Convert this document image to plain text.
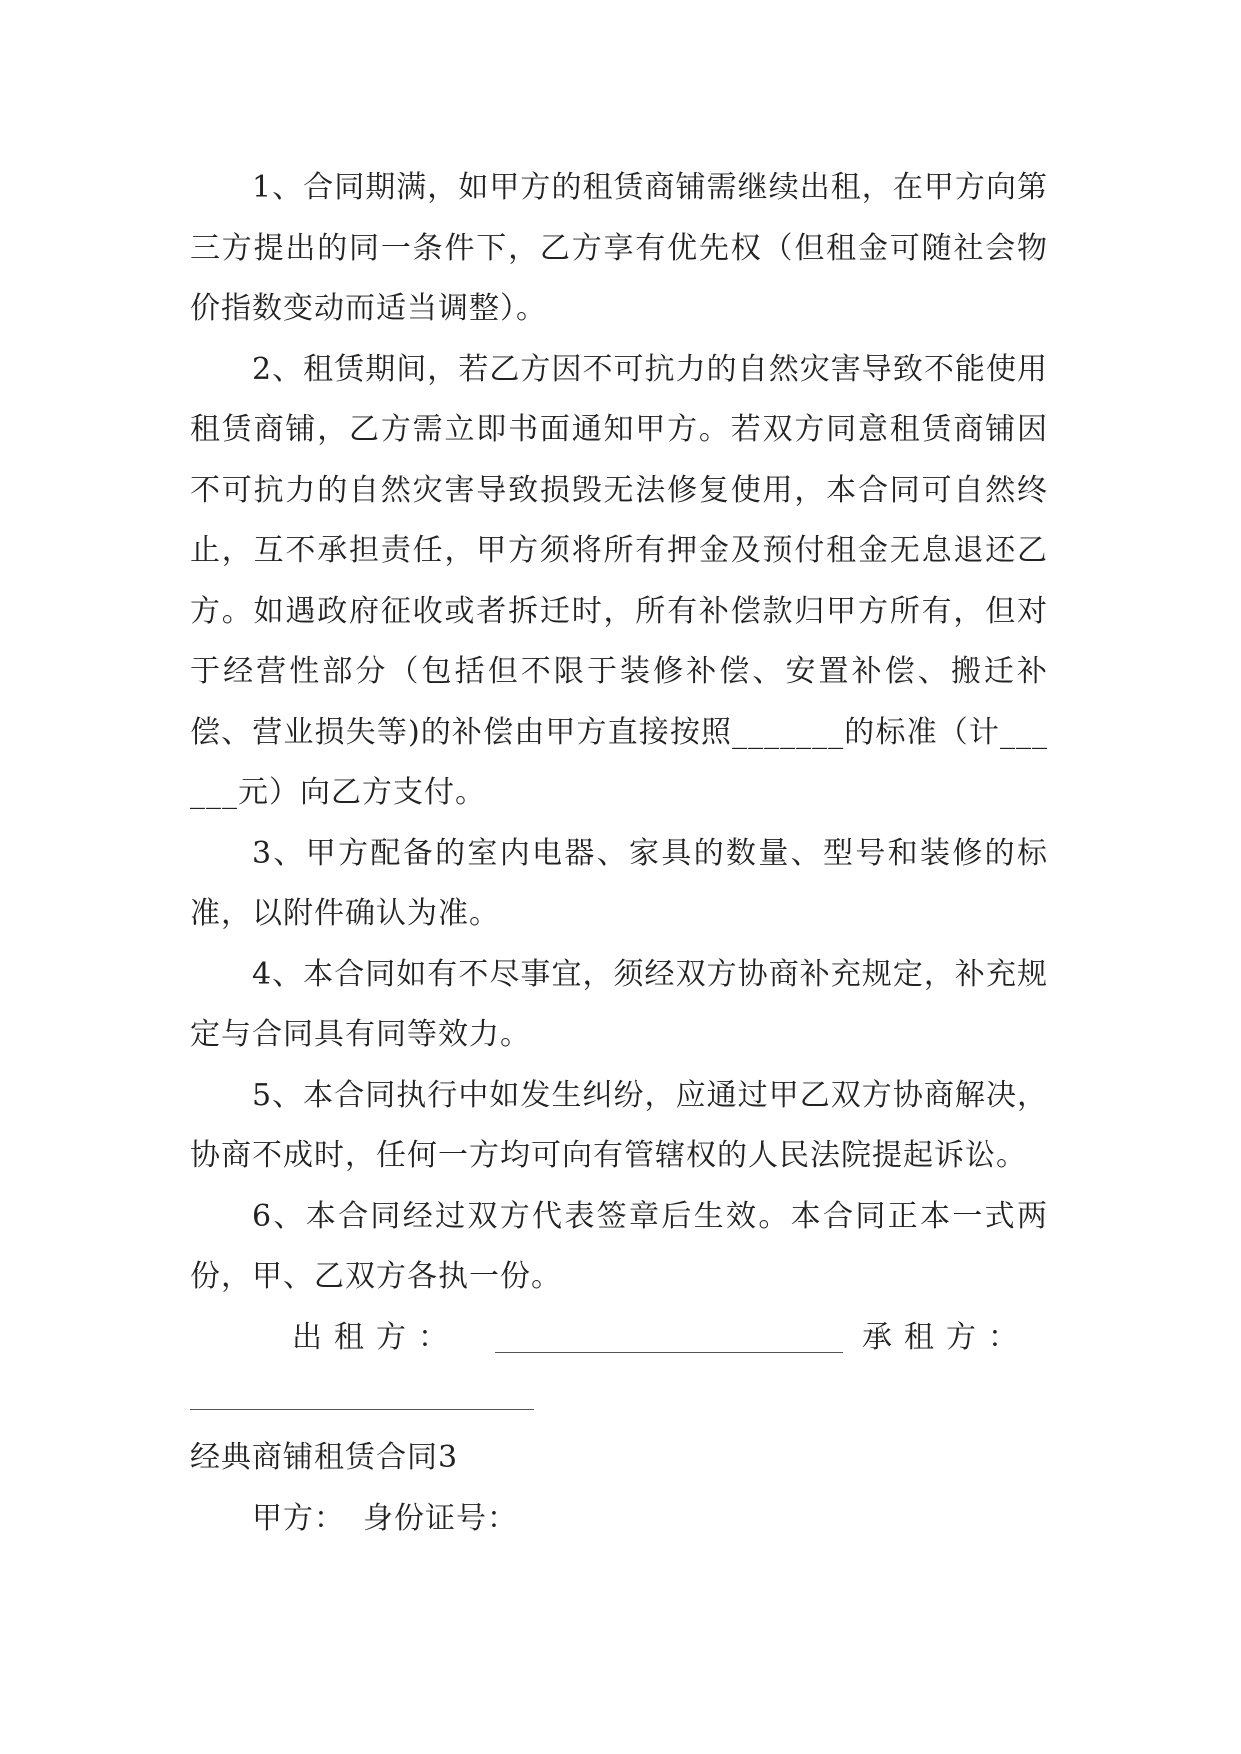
1、合同期满，如甲方的租赁商铺需继续出租，在甲方向第三方提出的同一条件下，乙方享有优先权（但租金可随社会物价指数变动而适当调整）。

2、租赁期间，若乙方因不可抗力的自然灾害导致不能使用租赁商铺，乙方需立即书面通知甲方。若双方同意租赁商铺因不可抗力的自然灾害导致损毁无法修复使用，本合同可自然终止，互不承担责任，甲方须将所有押金及预付租金无息退还乙方。如遇政府征收或者拆迁时，所有补偿款归甲方所有，但对于经营性部分（包括但不限于装修补偿、安置补偿、搬迁补偿、营业损失等)的补偿由甲方直接按照_______的标准（计______元）向乙方支付。

3、甲方配备的室内电器、家具的数量、型号和装修的标准，以附件确认为准。

4、本合同如有不尽事宜，须经双方协商补充规定，补充规定与合同具有同等效力。

5、本合同执行中如发生纠纷，应通过甲乙双方协商解决，协商不成时，任何一方均可向有管辖权的人民法院提起诉讼。

6、本合同经过双方代表签章后生效。本合同正本一式两份，甲、乙双方各执一份。

出租方：	承租方：
经典商铺租赁合同3
甲方： 身份证号：
